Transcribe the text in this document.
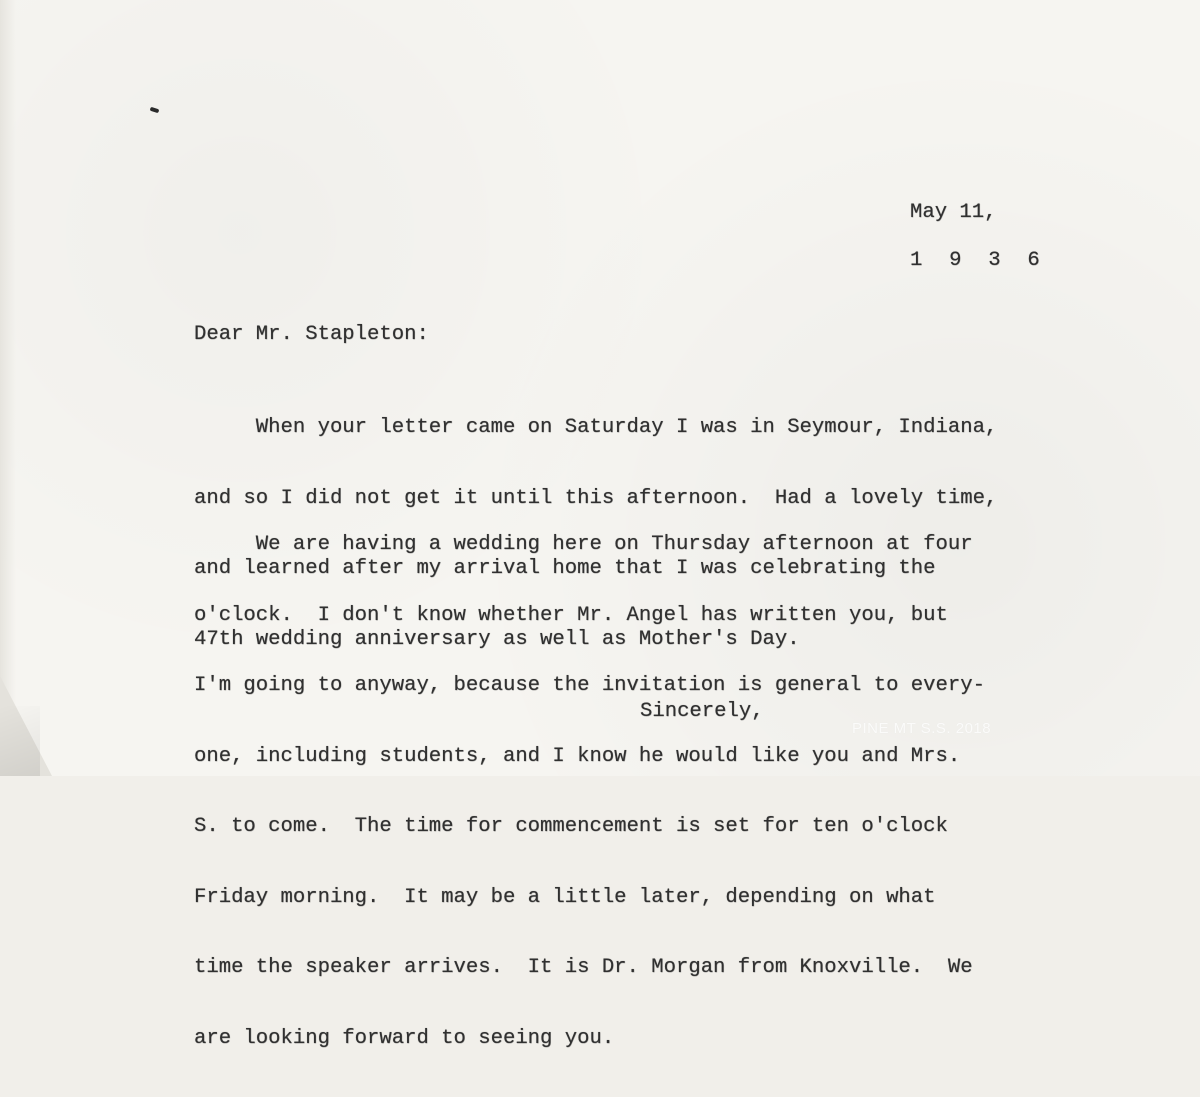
May 11,

1 9 3 6

Dear Mr. Stapleton:

When your letter came on Saturday I was in Seymour, Indiana,

and so I did not get it until this afternoon.  Had a lovely time,

and learned after my arrival home that I was celebrating the

47th wedding anniversary as well as Mother's Day.

We are having a wedding here on Thursday afternoon at four

o'clock.  I don't know whether Mr. Angel has written you, but

I'm going to anyway, because the invitation is general to every-

one, including students, and I know he would like you and Mrs.

S. to come.  The time for commencement is set for ten o'clock

Friday morning.  It may be a little later, depending on what

time the speaker arrives.  It is Dr. Morgan from Knoxville.  We

are looking forward to seeing you.

Sincerely,

PINE MT S.S. 2018
